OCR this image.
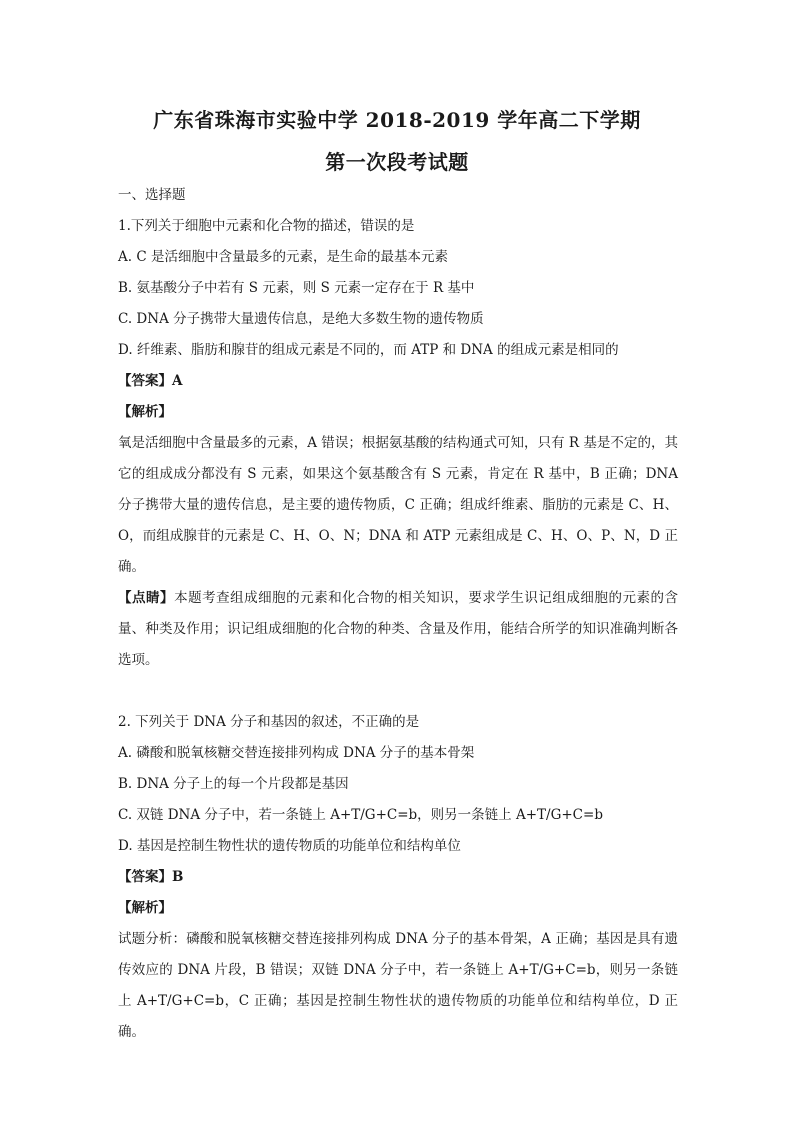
广东省珠海市实验中学 2018-2019 学年高二下学期
第一次段考试题
一、选择题
1.下列关于细胞中元素和化合物的描述，错误的是
A. C 是活细胞中含量最多的元素，是生命的最基本元素
B. 氨基酸分子中若有 S 元素，则 S 元素一定存在于 R 基中
C. DNA 分子携带大量遗传信息，是绝大多数生物的遗传物质
D. 纤维素、脂肪和腺苷的组成元素是不同的，而 ATP 和 DNA 的组成元素是相同的
【答案】A
【解析】
氧是活细胞中含量最多的元素，A 错误；根据氨基酸的结构通式可知，只有 R 基是不定的，其它的组成成分都没有 S 元素，如果这个氨基酸含有 S 元素，肯定在 R 基中，B 正确；DNA 分子携带大量的遗传信息，是主要的遗传物质，C 正确；组成纤维素、脂肪的元素是 C、H、O，而组成腺苷的元素是 C、H、O、N；DNA 和 ATP 元素组成是 C、H、O、P、N，D 正确。
【点睛】本题考查组成细胞的元素和化合物的相关知识，要求学生识记组成细胞的元素的含量、种类及作用；识记组成细胞的化合物的种类、含量及作用，能结合所学的知识准确判断各选项。
2. 下列关于 DNA 分子和基因的叙述，不正确的是
A. 磷酸和脱氧核糖交替连接排列构成 DNA 分子的基本骨架
B. DNA 分子上的每一个片段都是基因
C. 双链 DNA 分子中，若一条链上 A+T/G+C=b，则另一条链上 A+T/G+C=b
D. 基因是控制生物性状的遗传物质的功能单位和结构单位
【答案】B
【解析】
试题分析：磷酸和脱氧核糖交替连接排列构成 DNA 分子的基本骨架，A 正确；基因是具有遗传效应的 DNA 片段，B 错误；双链 DNA 分子中，若一条链上 A+T/G+C=b，则另一条链上 A+T/G+C=b，C 正确；基因是控制生物性状的遗传物质的功能单位和结构单位，D 正确。
